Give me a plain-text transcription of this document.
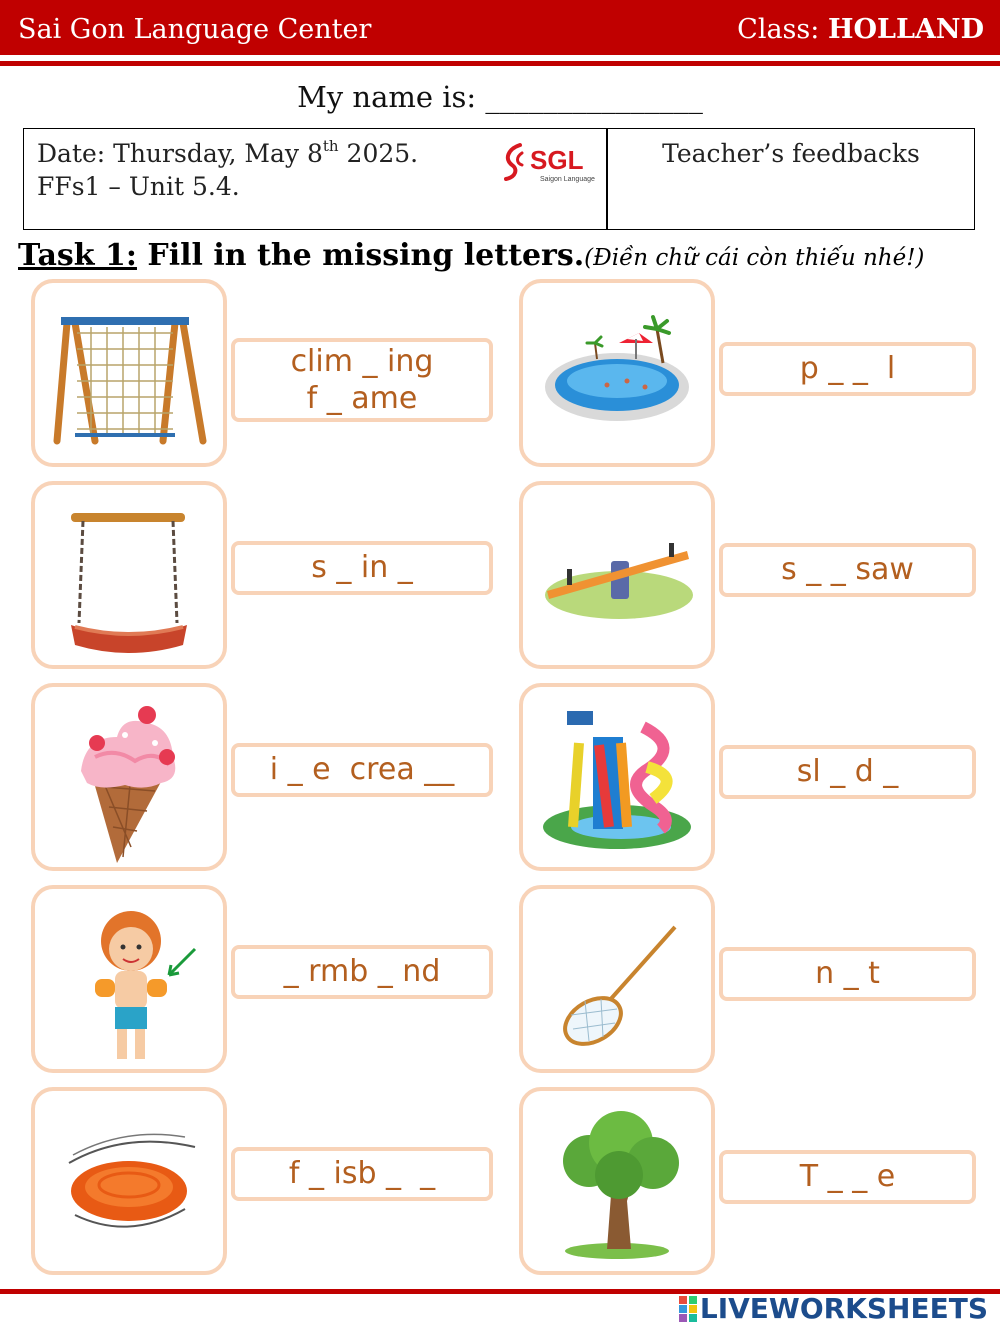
Sai Gon Language Center	Class: HOLLAND
My name is: _______________
Date: Thursday, May 8th 2025.
FFs1 – Unit 5.4.
SGL
Saigon Language
Teacher’s feedbacks
Task 1: Fill in the missing letters.(Điền chữ cái còn thiếu nhé!)
clim _ ing
f _ ame
p _ _  l
s _ in _	s _ _ saw
i _ e  crea __	sl _ d _
_ rmb _ nd	n _ t
f _ isb _  _	T _ _ e
LIVEWORKSHEETS
